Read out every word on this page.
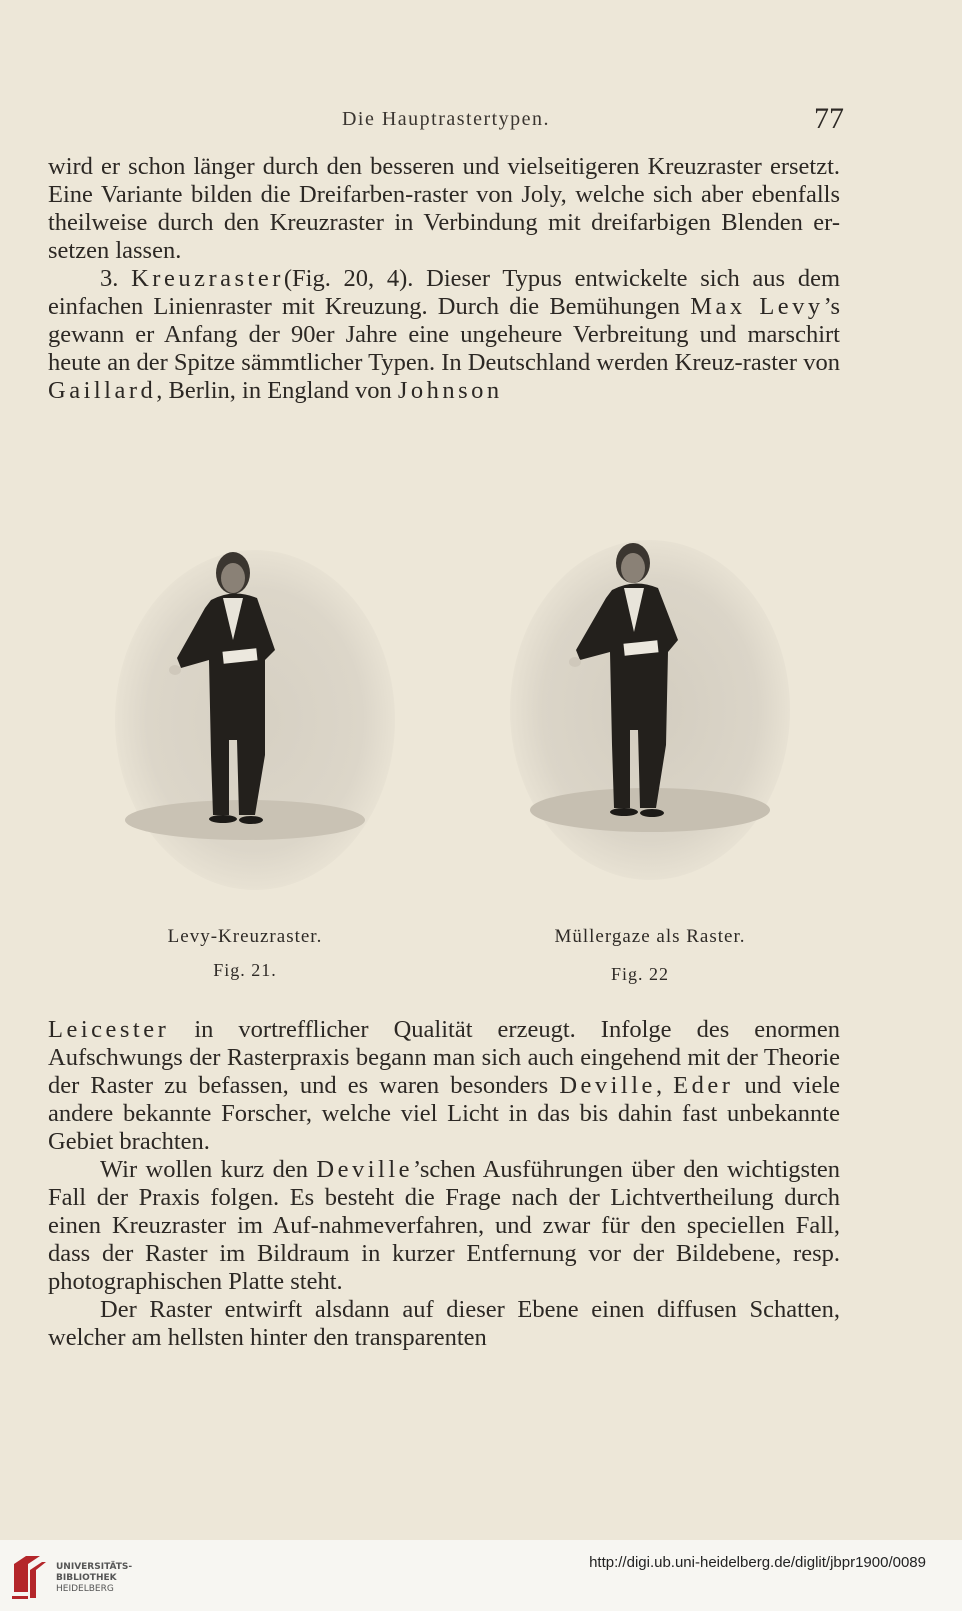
Die Hauptrastertypen.	77

wird er schon länger durch den besseren und vielseitigeren Kreuzraster ersetzt. Eine Variante bilden die Dreifarben-raster von Joly, welche sich aber ebenfalls theilweise durch den Kreuzraster in Verbindung mit dreifarbigen Blenden er-setzen lassen.

3. Kreuzraster(Fig. 20, 4). Dieser Typus entwickelte sich aus dem einfachen Linienraster mit Kreuzung. Durch die Bemühungen Max Levy’s gewann er Anfang der 90er Jahre eine ungeheure Verbreitung und marschirt heute an der Spitze sämmtlicher Typen. In Deutschland werden Kreuz-raster von Gaillard, Berlin, in England von Johnson

Levy-Kreuzraster.
Fig. 21.
Müllergaze als Raster.
Fig. 22

Leicester in vortrefflicher Qualität erzeugt. Infolge des enormen Aufschwungs der Rasterpraxis begann man sich auch eingehend mit der Theorie der Raster zu befassen, und es waren besonders Deville, Eder und viele andere bekannte Forscher, welche viel Licht in das bis dahin fast unbekannte Gebiet brachten.

Wir wollen kurz den Deville’schen Ausführungen über den wichtigsten Fall der Praxis folgen. Es besteht die Frage nach der Lichtvertheilung durch einen Kreuzraster im Auf-nahmeverfahren, und zwar für den speciellen Fall, dass der Raster im Bildraum in kurzer Entfernung vor der Bildebene, resp. photographischen Platte steht.

Der Raster entwirft alsdann auf dieser Ebene einen diffusen Schatten, welcher am hellsten hinter den transparenten

UNIVERSITÄTS-
BIBLIOTHEK
HEIDELBERG
http://digi.ub.uni-heidelberg.de/diglit/jbpr1900/0089
